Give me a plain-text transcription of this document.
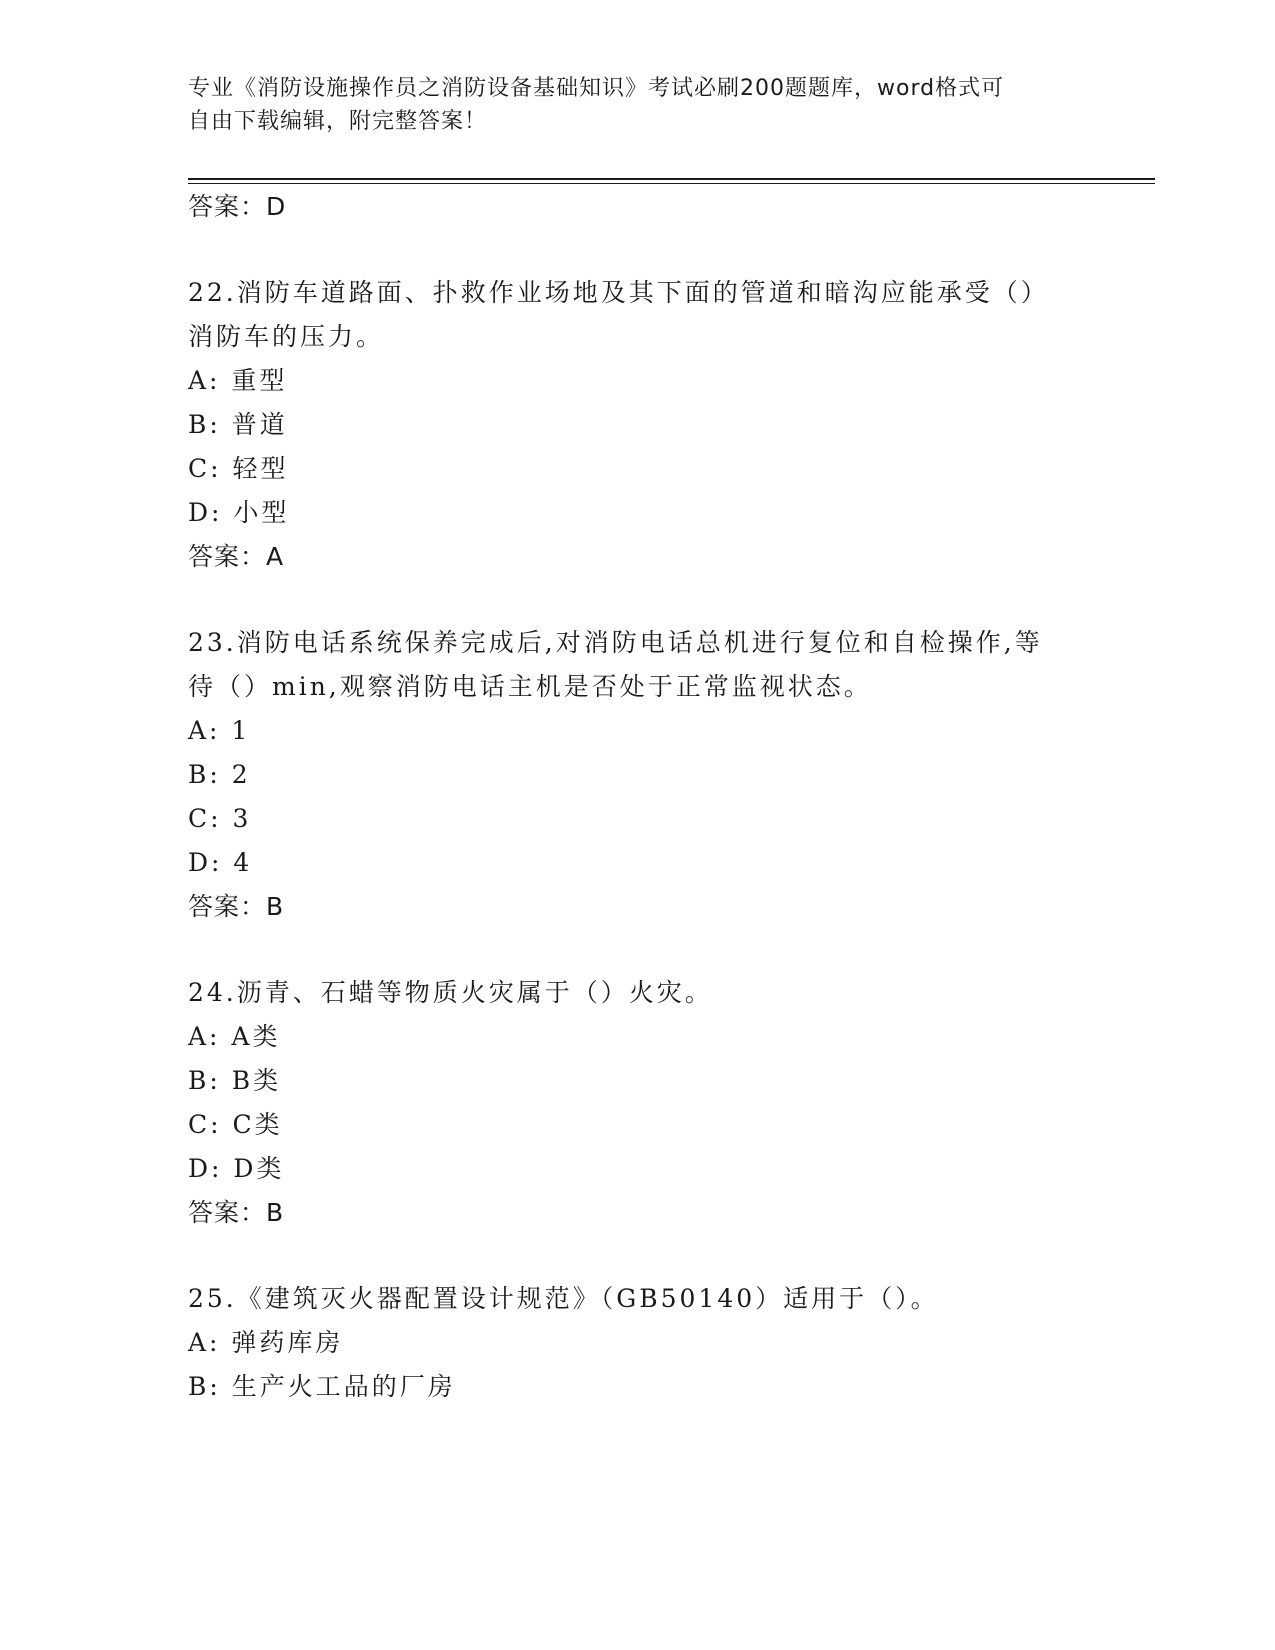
专业《消防设施操作员之消防设备基础知识》考试必刷200题题库，word格式可
自由下载编辑，附完整答案！
答案：D
22.消防车道路面、扑救作业场地及其下面的管道和暗沟应能承受（）
消防车的压力。
A: 重型
B: 普道
C: 轻型
D: 小型
答案：A
23.消防电话系统保养完成后,对消防电话总机进行复位和自检操作,等
待（）min,观察消防电话主机是否处于正常监视状态。
A: 1
B: 2
C: 3
D: 4
答案：B
24.沥青、石蜡等物质火灾属于（）火灾。
A: A类
B: B类
C: C类
D: D类
答案：B
25.《建筑灭火器配置设计规范》（GB50140）适用于（）。
A: 弹药库房
B: 生产火工品的厂房
